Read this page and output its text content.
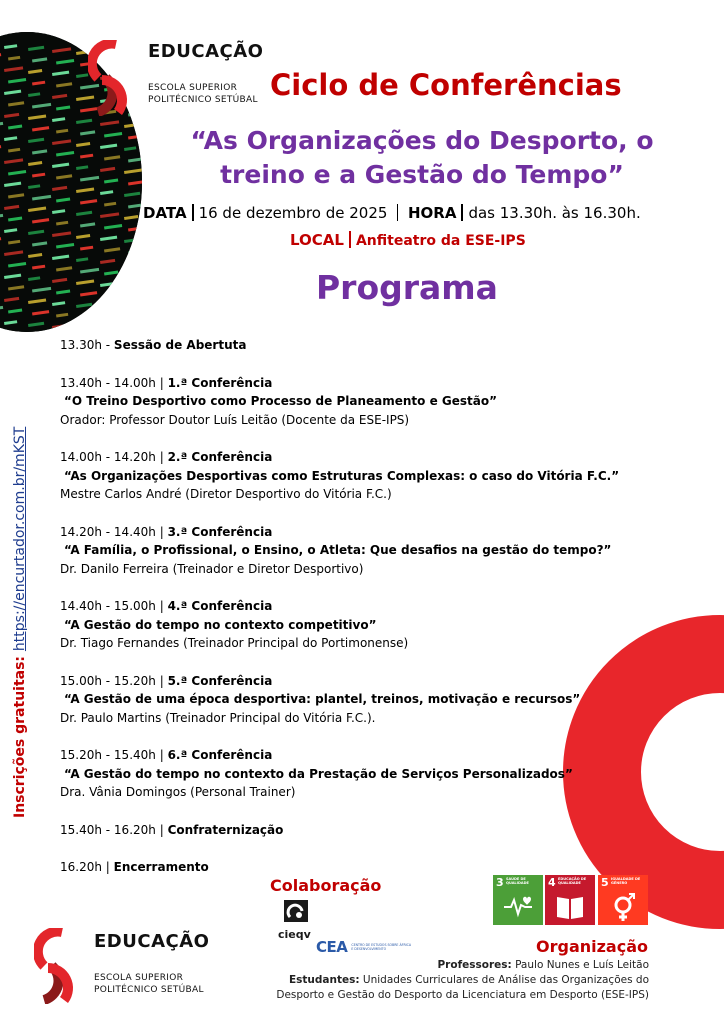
EDUCAÇÃO
ESCOLA SUPERIOR
POLITÉCNICO SETÚBAL Ciclo de Conferências
“As Organizações do Desporto, o
treino e a Gestão do Tempo”
DATA 16 de dezembro de 2025 HORA das 13.30h. às 16.30h.
LOCAL Anfiteatro da ESE-IPS
Programa
13.30h - Sessão de Abertuta
13.40h - 14.00h | 1.ª Conferência
“O Treino Desportivo como Processo de Planeamento e Gestão”
Orador: Professor Doutor Luís Leitão (Docente da ESE-IPS)
14.00h - 14.20h | 2.ª Conferência
“As Organizações Desportivas como Estruturas Complexas: o caso do Vitória F.C.”
Mestre Carlos André (Diretor Desportivo do Vitória F.C.)
14.20h - 14.40h | 3.ª Conferência
“A Família, o Profissional, o Ensino, o Atleta: Que desafios na gestão do tempo?”
Dr. Danilo Ferreira (Treinador e Diretor Desportivo)
14.40h - 15.00h | 4.ª Conferência
“A Gestão do tempo no contexto competitivo”
Dr. Tiago Fernandes (Treinador Principal do Portimonense)
15.00h - 15.20h | 5.ª Conferência
“A Gestão de uma época desportiva: plantel, treinos, motivação e recursos”
Dr. Paulo Martins (Treinador Principal do Vitória F.C.).
15.20h - 15.40h | 6.ª Conferência
“A Gestão do tempo no contexto da Prestação de Serviços Personalizados”
Dra. Vânia Domingos (Personal Trainer)
15.40h - 16.20h | Confraternização
16.20h | Encerramento
Inscrições gratuitas: https://encurtador.com.br/mKST
Colaboração
cieqv
CEA CENTRO DE ESTUDOS SOBRE ÁFRICA E DESENVOLVIMENTO
3 SAÚDE DE QUALIDADE	4 EDUCAÇÃO DE QUALIDADE	5 IGUALDADE DE GÉNERO
Organização
Professores: Paulo Nunes e Luís Leitão
Estudantes: Unidades Curriculares de Análise das Organizações do
Desporto e Gestão do Desporto da Licenciatura em Desporto (ESE-IPS)
EDUCAÇÃO
ESCOLA SUPERIOR
POLITÉCNICO SETÚBAL
